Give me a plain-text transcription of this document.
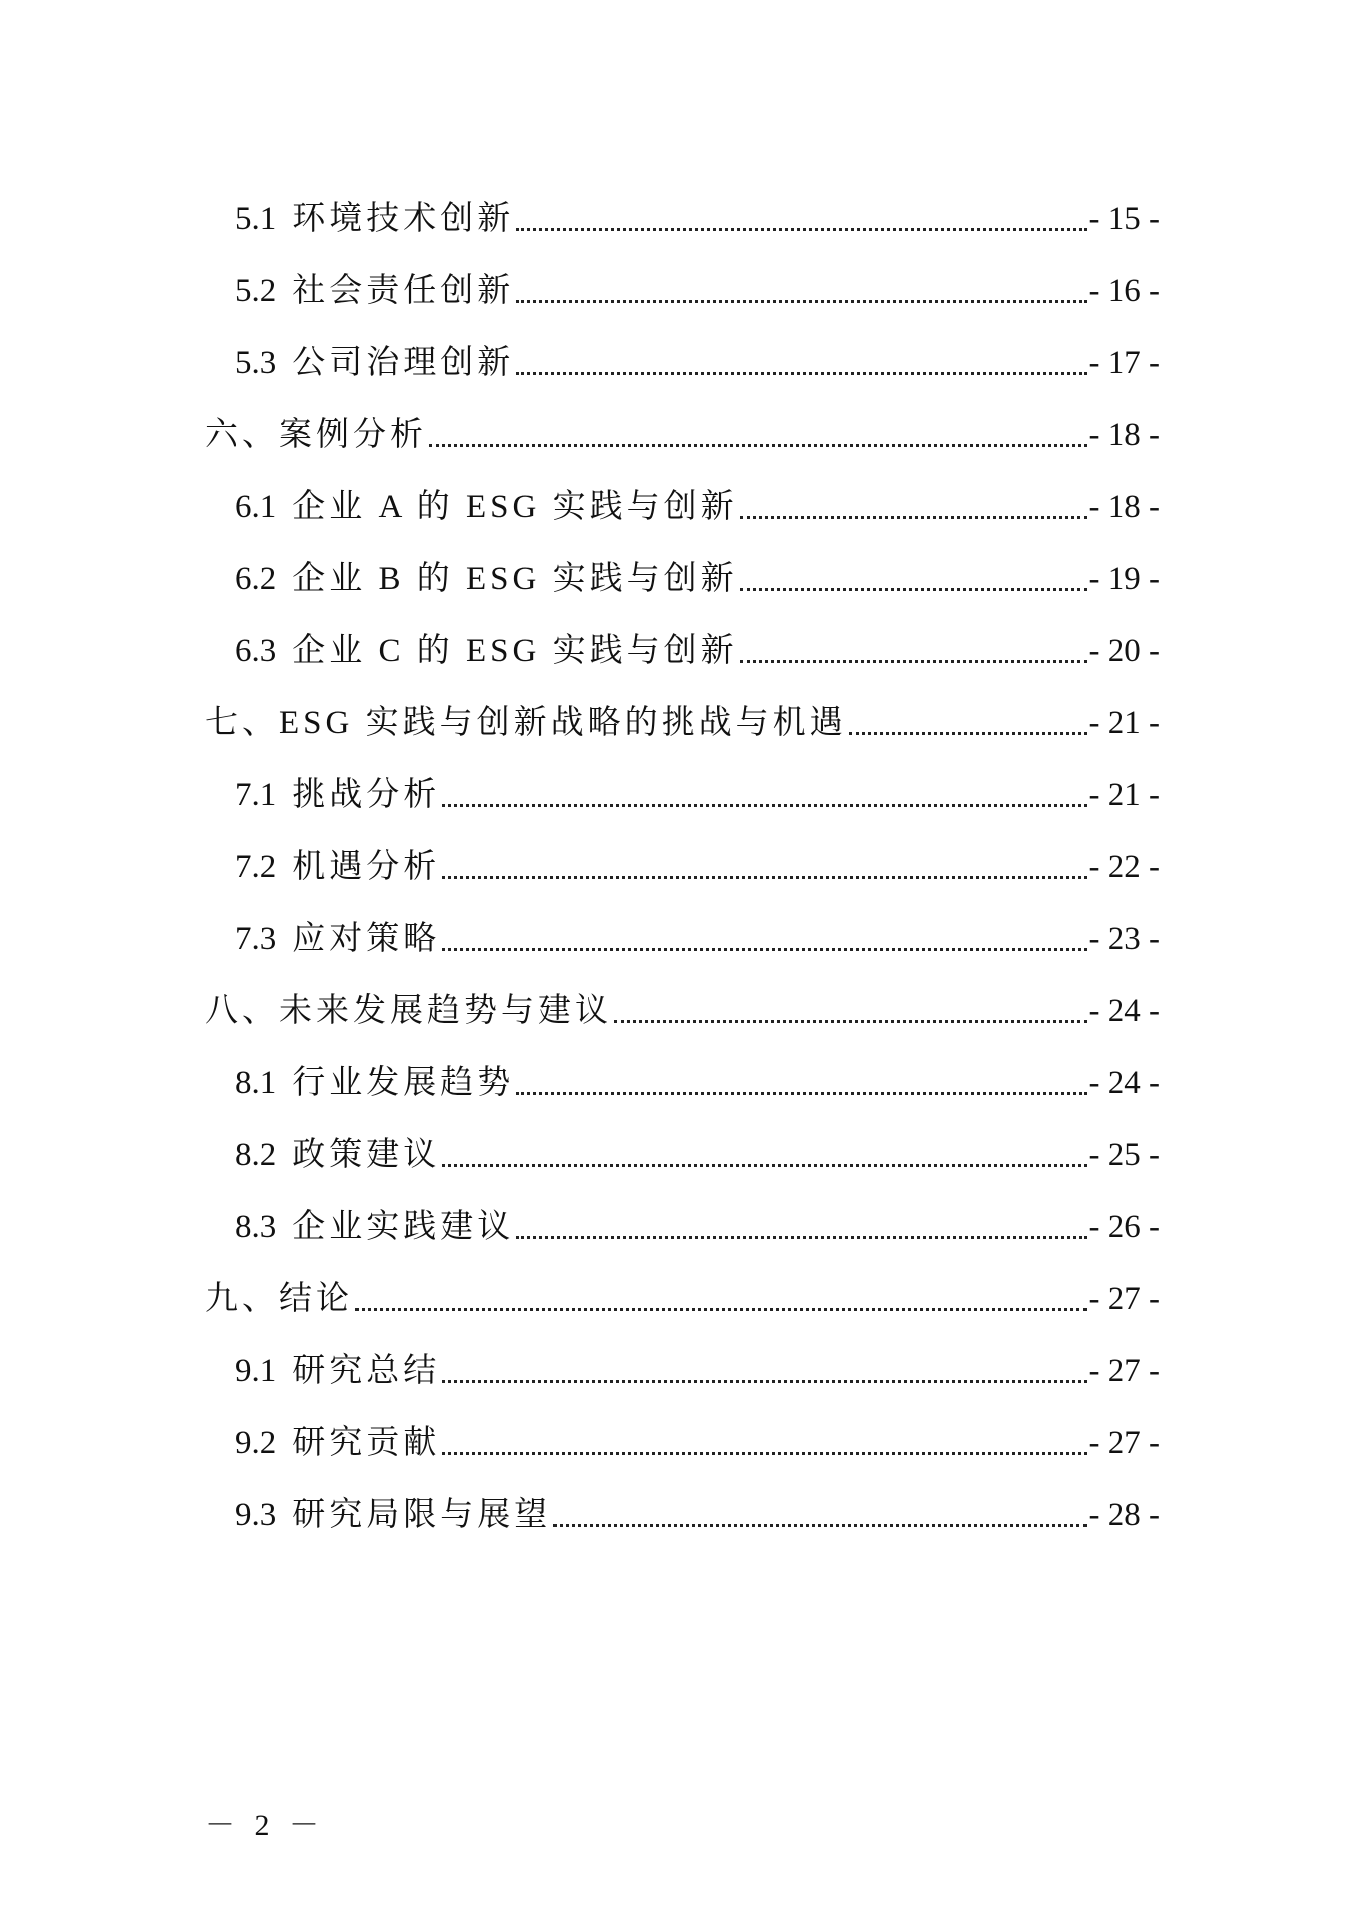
5.1 环境技术创新	- 15 -
5.2 社会责任创新	- 16 -
5.3 公司治理创新	- 17 -
六、案例分析	- 18 -
6.1 企业 A 的 ESG 实践与创新	- 18 -
6.2 企业 B 的 ESG 实践与创新	- 19 -
6.3 企业 C 的 ESG 实践与创新	- 20 -
七、ESG 实践与创新战略的挑战与机遇	- 21 -
7.1 挑战分析	- 21 -
7.2 机遇分析	- 22 -
7.3 应对策略	- 23 -
八、未来发展趋势与建议	- 24 -
8.1 行业发展趋势	- 24 -
8.2 政策建议	- 25 -
8.3 企业实践建议	- 26 -
九、结论	- 27 -
9.1 研究总结	- 27 -
9.2 研究贡献	- 27 -
9.3 研究局限与展望	- 28 -
－ 2 －
